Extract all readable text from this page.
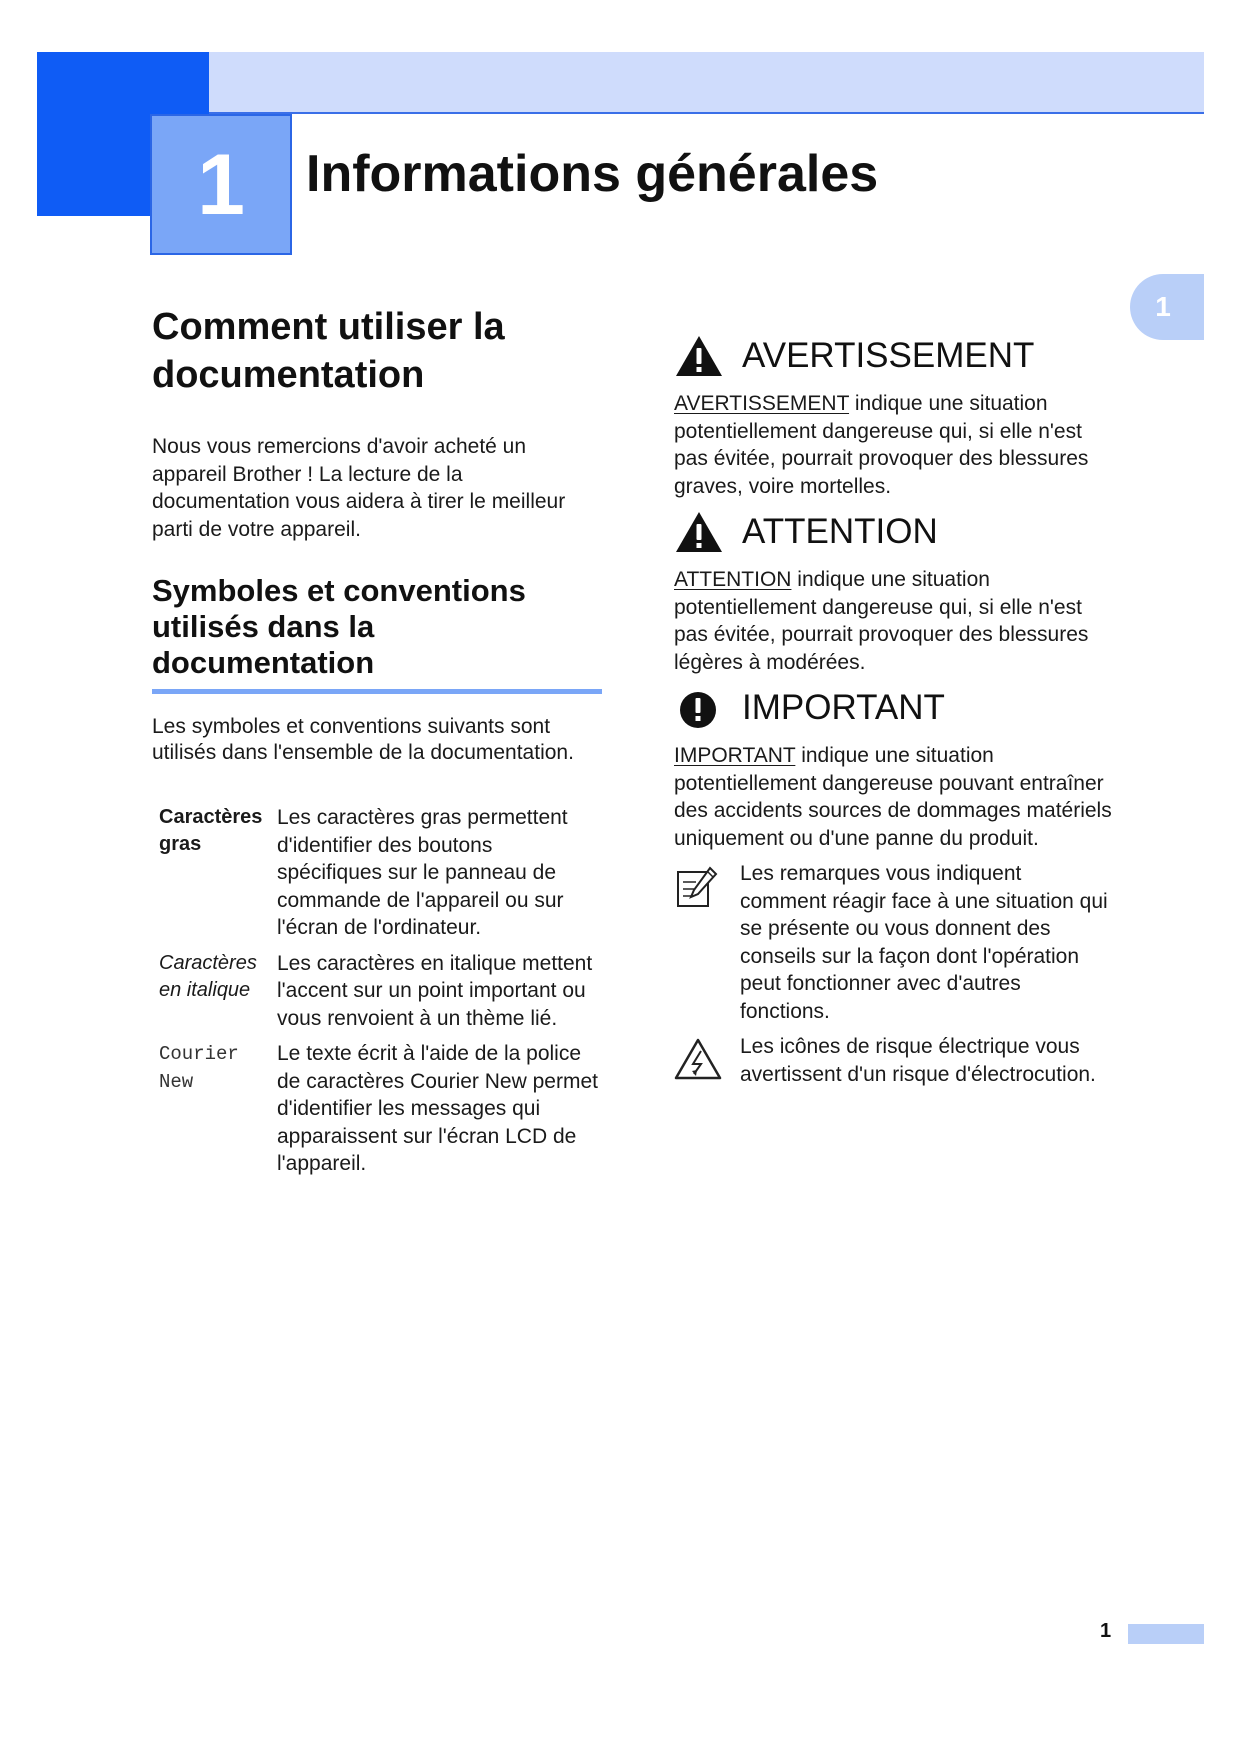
1 Informations générales
1
Comment utiliser la documentation

Nous vous remercions d'avoir acheté un appareil Brother ! La lecture de la documentation vous aidera à tirer le meilleur parti de votre appareil.

Symboles et conventions utilisés dans la documentation

Les symboles et conventions suivants sont utilisés dans l'ensemble de la documentation.

Caractères gras
Les caractères gras permettent d'identifier des boutons spécifiques sur le panneau de commande de l'appareil ou sur l'écran de l'ordinateur.
Caractères en italique
Les caractères en italique mettent l'accent sur un point important ou vous renvoient à un thème lié.
Courier New
Le texte écrit à l'aide de la police de caractères Courier New permet d'identifier les messages qui apparaissent sur l'écran LCD de l'appareil.
AVERTISSEMENT
AVERTISSEMENT indique une situation potentiellement dangereuse qui, si elle n'est pas évitée, pourrait provoquer des blessures graves, voire mortelles.
ATTENTION
ATTENTION indique une situation potentiellement dangereuse qui, si elle n'est pas évitée, pourrait provoquer des blessures légères à modérées.
IMPORTANT
IMPORTANT indique une situation potentiellement dangereuse pouvant entraîner des accidents sources de dommages matériels uniquement ou d'une panne du produit.
Les remarques vous indiquent comment réagir face à une situation qui se présente ou vous donnent des conseils sur la façon dont l'opération peut fonctionner avec d'autres fonctions.
Les icônes de risque électrique vous avertissent d'un risque d'électrocution.
1
